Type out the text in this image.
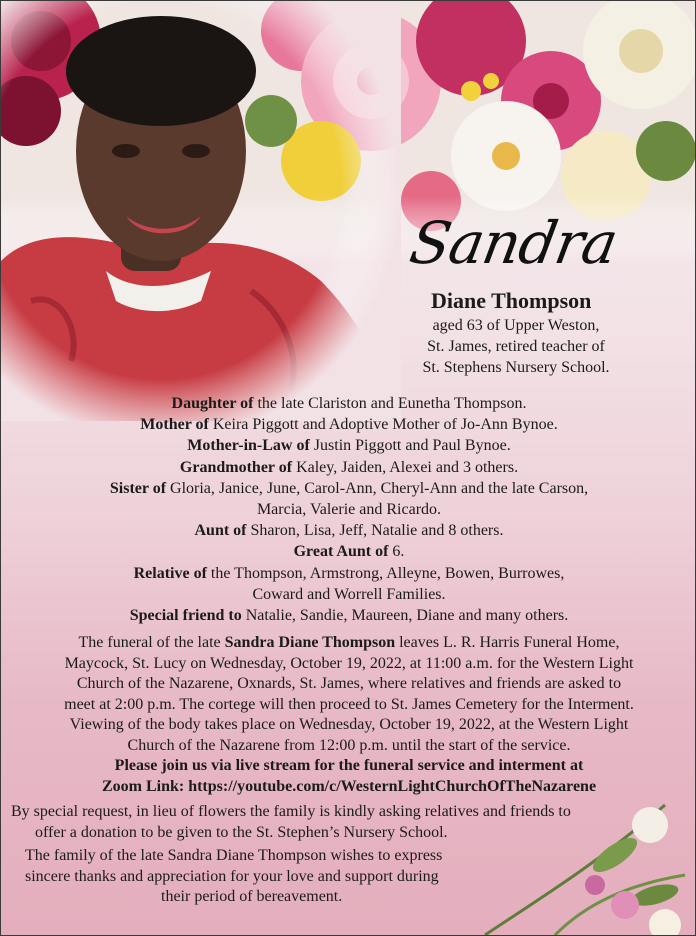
Sandra
Diane Thompson
aged 63 of Upper Weston,
St. James, retired teacher of
St. Stephens Nursery School.
Daughter of the late Clariston and Eunetha Thompson.
Mother of Keira Piggott and Adoptive Mother of Jo-Ann Bynoe.
Mother-in-Law of Justin Piggott and Paul Bynoe.
Grandmother of Kaley, Jaiden, Alexei and 3 others.
Sister of Gloria, Janice, June, Carol-Ann, Cheryl-Ann and the late Carson,
Marcia, Valerie and Ricardo.
Aunt of Sharon, Lisa, Jeff, Natalie and 8 others.
Great Aunt of 6.
Relative of the Thompson, Armstrong, Alleyne, Bowen, Burrowes,
Coward and Worrell Families.
Special friend to Natalie, Sandie, Maureen, Diane and many others.
The funeral of the late Sandra Diane Thompson leaves L. R. Harris Funeral Home,
Maycock, St. Lucy on Wednesday, October 19, 2022, at 11:00 a.m. for the Western Light
Church of the Nazarene, Oxnards, St. James, where relatives and friends are asked to
meet at 2:00 p.m. The cortege will then proceed to St. James Cemetery for the Interment.
Viewing of the body takes place on Wednesday, October 19, 2022, at the Western Light
Church of the Nazarene from 12:00 p.m. until the start of the service.
Please join us via live stream for the funeral service and interment at
Zoom Link: https://youtube.com/c/WesternLightChurchOfTheNazarene
By special request, in lieu of flowers the family is kindly asking relatives and friends to
offer a donation to be given to the St. Stephen’s Nursery School.
The family of the late Sandra Diane Thompson wishes to express
sincere thanks and appreciation for your love and support during
their period of bereavement.
